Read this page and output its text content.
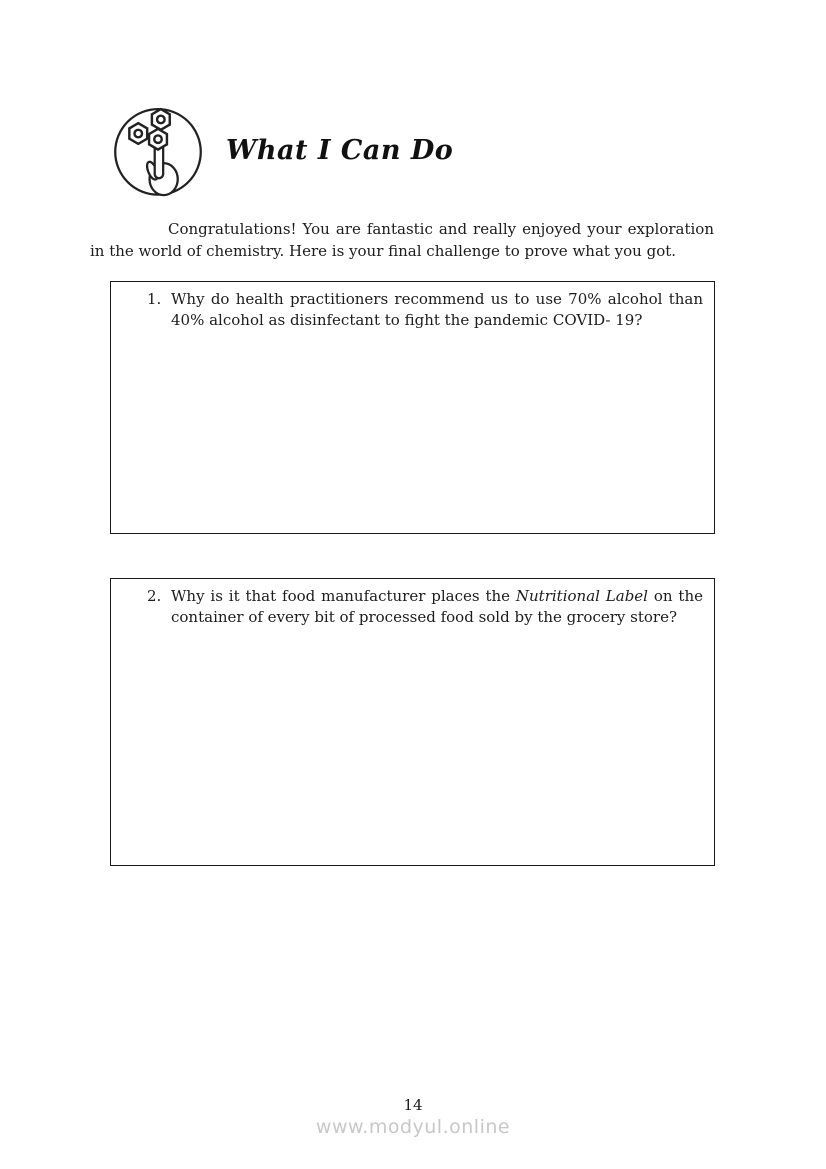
What I Can Do

Congratulations! You are fantastic and really enjoyed your exploration in the world of chemistry. Here is your final challenge to prove what you got.

1. Why do health practitioners recommend us to use 70% alcohol than 40% alcohol as disinfectant to fight the pandemic COVID- 19?
2. Why is it that food manufacturer places the Nutritional Label on the container of every bit of processed food sold by the grocery store?
14
www.modyul.online
